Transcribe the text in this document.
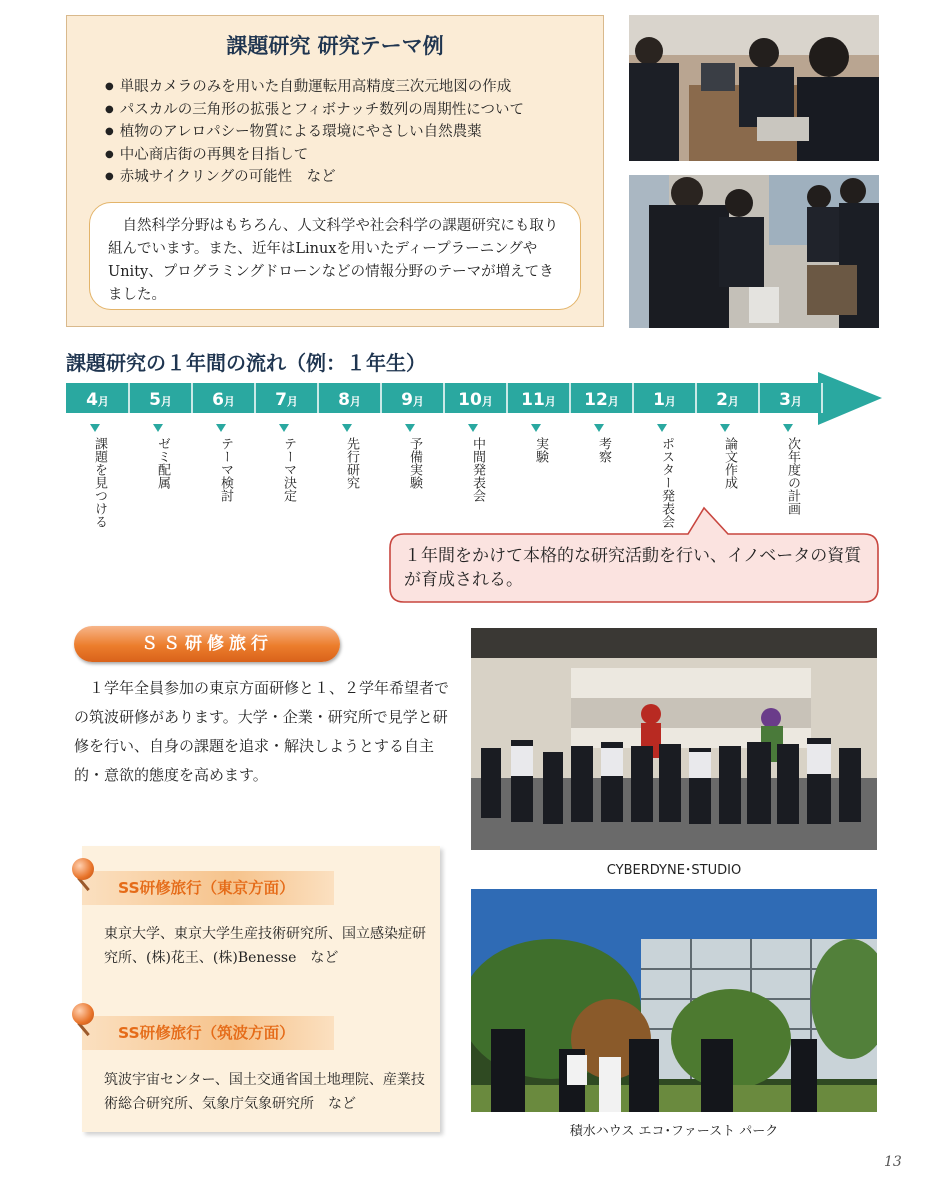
課題研究 研究テーマ例
● 単眼カメラのみを用いた自動運転用高精度三次元地図の作成
● パスカルの三角形の拡張とフィボナッチ数列の周期性について
● 植物のアレロパシー物質による環境にやさしい自然農薬
● 中心商店街の再興を目指して
● 赤城サイクリングの可能性　など
自然科学分野はもちろん、人文科学や社会科学の課題研究にも取り組んでいます。また、近年はLinuxを用いたディープラーニングやUnity、プログラミングドローンなどの情報分野のテーマが増えてきました。
課題研究の１年間の流れ（例：１年生）
4月	5月	6月	7月	8月	9月	10月	11月	12月	1月	2月	3月
課題を見つける	ゼミ配属	テーマ検討	テーマ決定	先行研究	予備実験	中間発表会	実験	考察	ポスター発表会	論文作成	次年度の計画
１年間をかけて本格的な研究活動を行い、イノベータの資質が育成される。
ＳＳ研修旅行
１学年全員参加の東京方面研修と１、２学年希望者での筑波研修があります。大学・企業・研究所で見学と研修を行い、自身の課題を追求・解決しようとする自主的・意欲的態度を高めます。
CYBERDYNE･STUDIO
SS研修旅行（東京方面）
東京大学、東京大学生産技術研究所、国立感染症研究所、(株)花王、(株)Benesse　など
SS研修旅行（筑波方面）
筑波宇宙センター、国土交通省国土地理院、産業技術総合研究所、気象庁気象研究所　など
積水ハウス エコ･ファースト パーク
13
